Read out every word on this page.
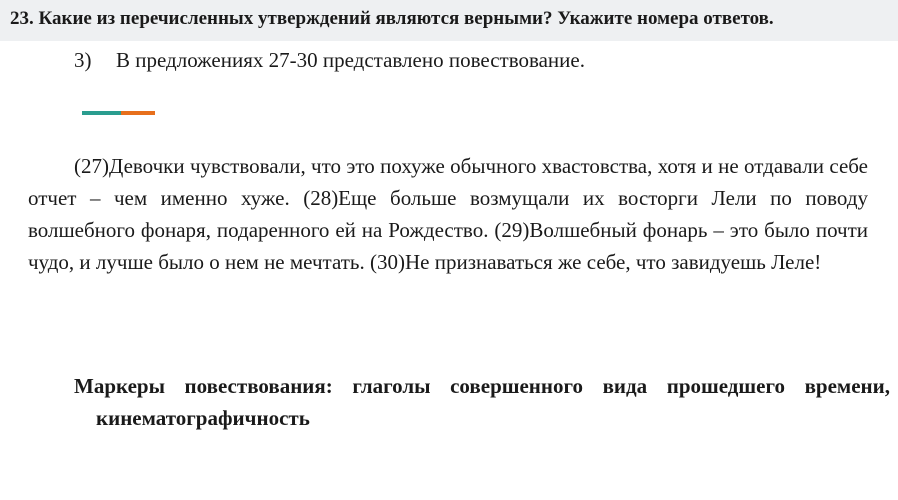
23. Какие из перечисленных утверждений являются верными? Укажите номера ответов.
3) В предложениях 27-30 представлено повествование.
(27)Девочки чувствовали, что это похуже обычного хвастовства, хотя и не отдавали себе отчет – чем именно хуже. (28)Еще больше возмущали их восторги Лели по поводу волшебного фонаря, подаренного ей на Рождество. (29)Волшебный фонарь – это было почти чудо, и лучше было о нем не мечтать. (30)Не признаваться же себе, что завидуешь Леле!
Маркеры повествования: глаголы совершенного вида прошедшего времени, кинематографичность
